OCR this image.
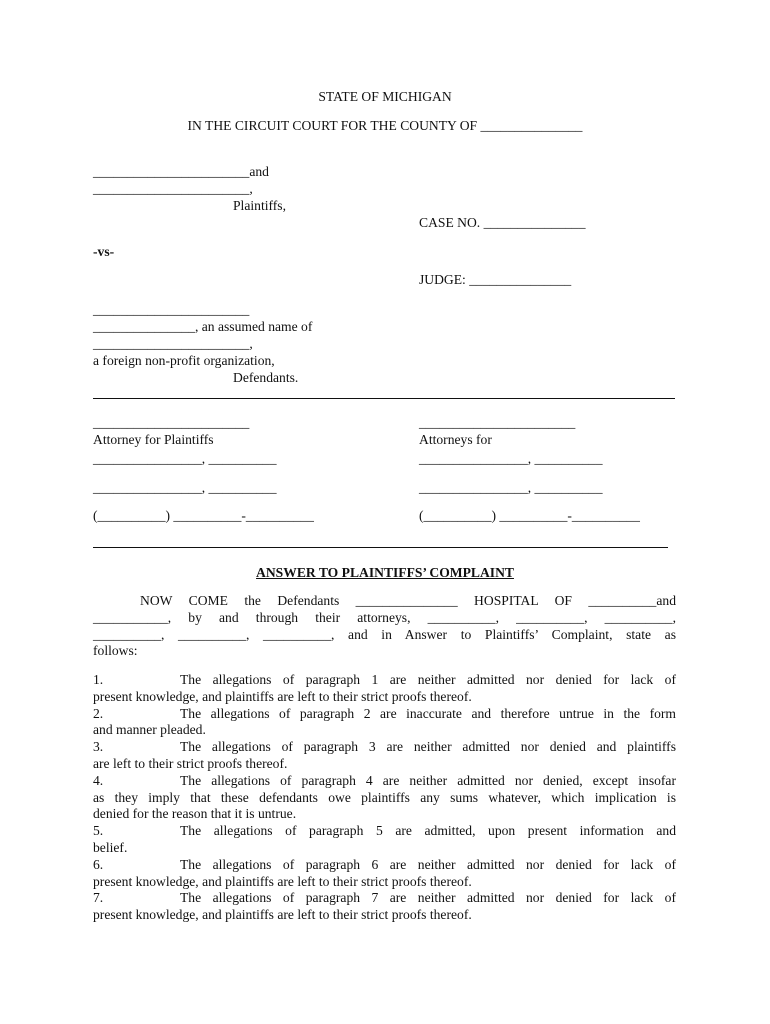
STATE OF MICHIGAN
IN THE CIRCUIT COURT FOR THE COUNTY OF _______________
_______________________and
_______________________,
Plaintiffs,
CASE NO. _______________
-vs-
JUDGE: _______________
_______________________
_______________, an assumed name of
_______________________,
a foreign non-profit organization,
Defendants.
_______________________
Attorney for Plaintiffs
________________, __________
________________, __________
(__________) __________-__________
_______________________
Attorneys for
________________, __________
________________, __________
(__________) __________-__________
ANSWER TO PLAINTIFFS’ COMPLAINT
NOW COME the Defendants _______________ HOSPITAL OF __________and
___________, by and through their attorneys, __________, __________, __________,
__________, __________, __________, and in Answer to Plaintiffs’ Complaint, state as
follows:
1.	The allegations of paragraph 1 are neither admitted nor denied for lack of
present knowledge, and plaintiffs are left to their strict proofs thereof.
2.	The allegations of paragraph 2 are inaccurate and therefore untrue in the form
and manner pleaded.
3.	The allegations of paragraph 3 are neither admitted nor denied and plaintiffs
are left to their strict proofs thereof.
4.	The allegations of paragraph 4 are neither admitted nor denied, except insofar
as they imply that these defendants owe plaintiffs any sums whatever, which implication is
denied for the reason that it is untrue.
5.	The allegations of paragraph 5 are admitted, upon present information and
belief.
6.	The allegations of paragraph 6 are neither admitted nor denied for lack of
present knowledge, and plaintiffs are left to their strict proofs thereof.
7.	The allegations of paragraph 7 are neither admitted nor denied for lack of
present knowledge, and plaintiffs are left to their strict proofs thereof.
